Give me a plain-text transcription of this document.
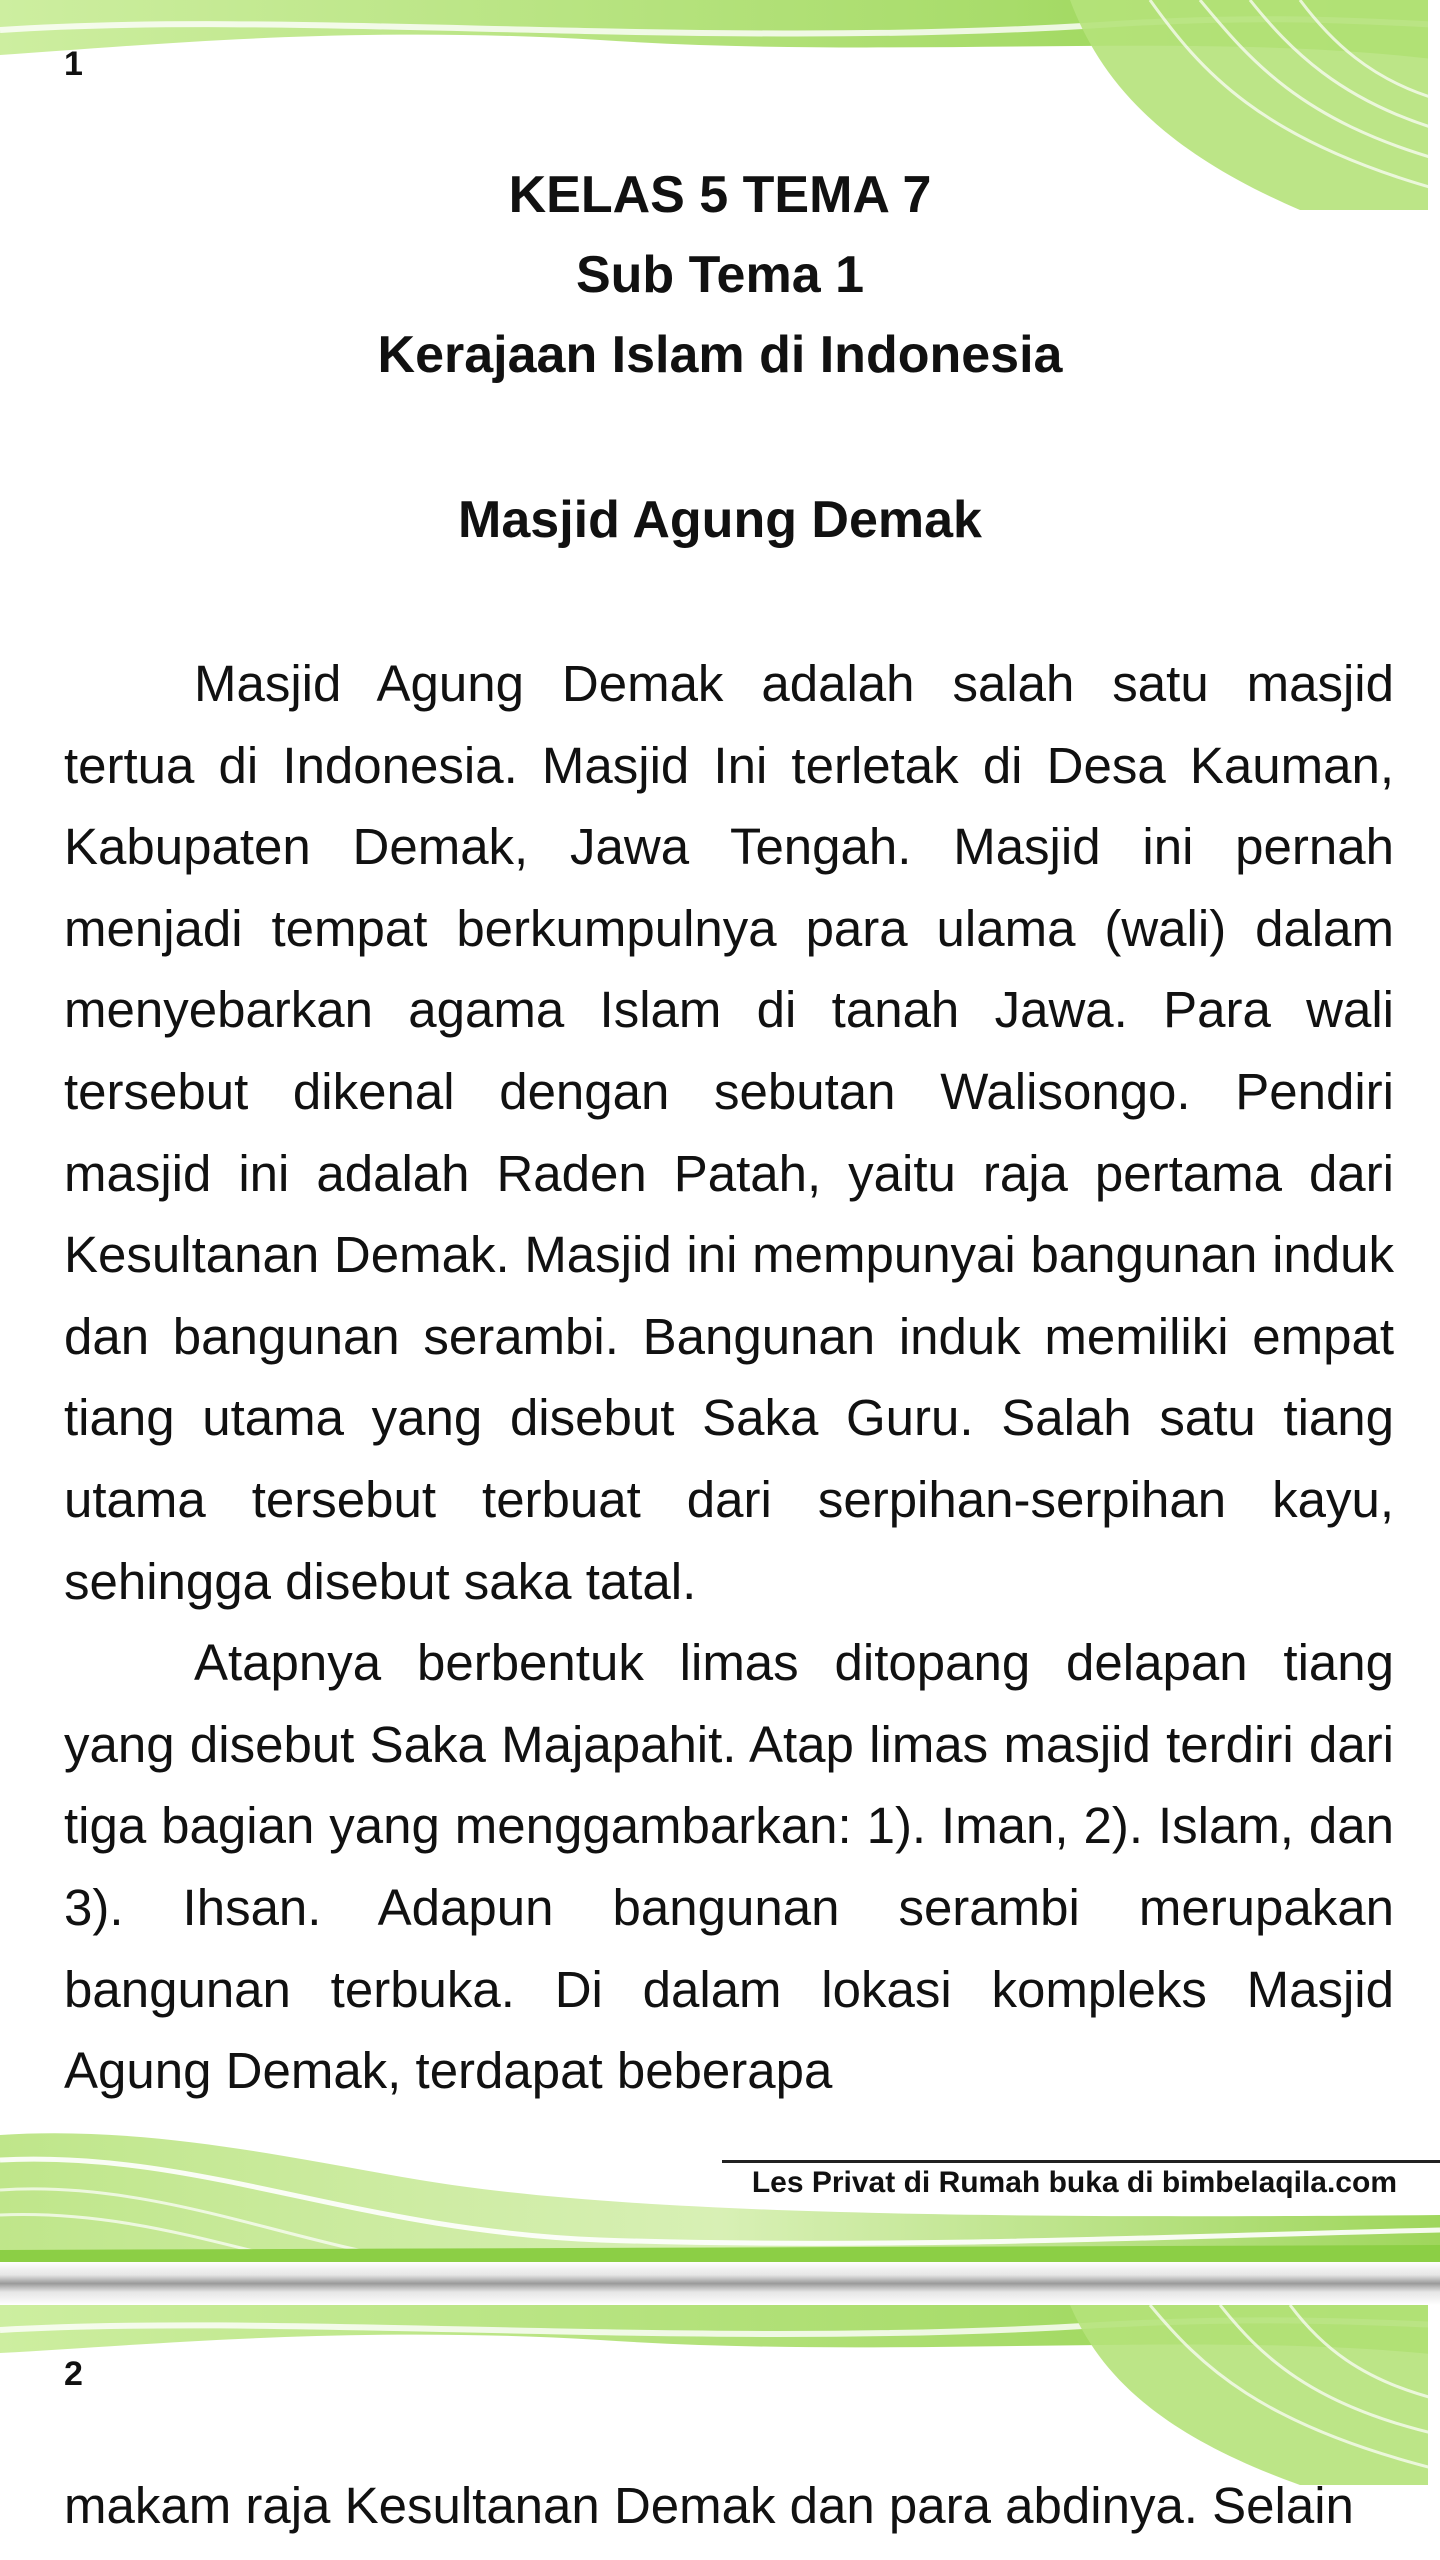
1

KELAS 5 TEMA 7

Sub Tema 1

Kerajaan Islam di Indonesia

Masjid Agung Demak

Masjid Agung Demak adalah salah satu masjid tertua di Indonesia. Masjid Ini terletak di Desa Kauman, Kabupaten Demak, Jawa Tengah. Masjid ini pernah menjadi tempat berkumpulnya para ulama (wali) dalam menyebarkan agama Islam di tanah Jawa. Para wali tersebut dikenal dengan sebutan Walisongo. Pendiri masjid ini adalah Raden Patah, yaitu raja pertama dari Kesultanan Demak. Masjid ini mempunyai bangunan induk dan bangunan serambi. Bangunan induk memiliki empat tiang utama yang disebut Saka Guru. Salah satu tiang utama tersebut terbuat dari serpihan-serpihan kayu, sehingga disebut saka tatal.

Atapnya berbentuk limas ditopang delapan tiang yang disebut Saka Majapahit. Atap limas masjid terdiri dari tiga bagian yang menggambarkan: 1). Iman, 2). Islam, dan 3). Ihsan. Adapun bangunan serambi merupakan bangunan terbuka. Di dalam lokasi kompleks Masjid Agung Demak, terdapat beberapa

Les Privat di Rumah buka di bimbelaqila.com

2

makam raja Kesultanan Demak dan para abdinya. Selain
